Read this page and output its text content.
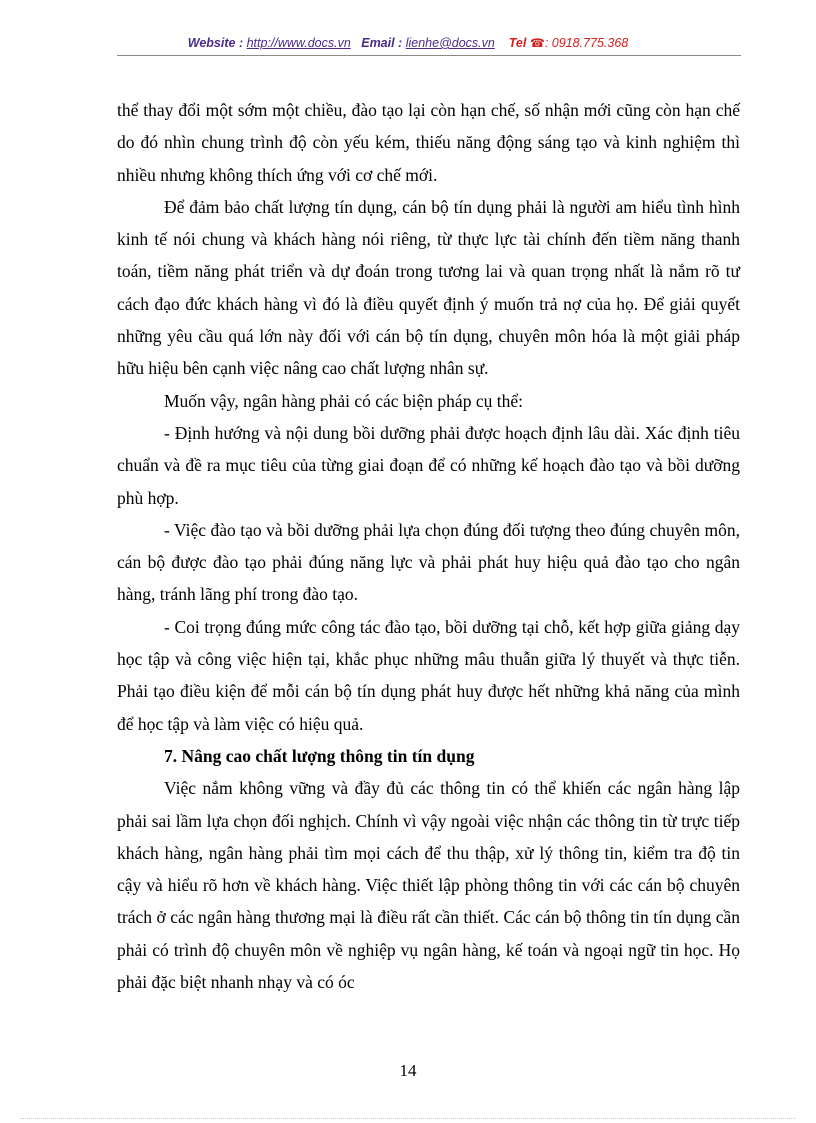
Website : http://www.docs.vn Email : lienhe@docs.vn Tel ☎: 0918.775.368

thể thay đổi một sớm một chiều, đào tạo lại còn hạn chế, số nhận mới cũng còn hạn chế do đó nhìn chung trình độ còn yếu kém, thiếu năng động sáng tạo và kinh nghiệm thì nhiều nhưng không thích ứng với cơ chế mới.

Để đảm bảo chất lượng tín dụng, cán bộ tín dụng phải là người am hiểu tình hình kinh tế nói chung và khách hàng nói riêng, từ thực lực tài chính đến tiềm năng thanh toán, tiềm năng phát triển và dự đoán trong tương lai và quan trọng nhất là nắm rõ tư cách đạo đức khách hàng vì đó là điều quyết định ý muốn trả nợ của họ. Để giải quyết những yêu cầu quá lớn này đối với cán bộ tín dụng, chuyên môn hóa là một giải pháp hữu hiệu bên cạnh việc nâng cao chất lượng nhân sự.

Muốn vậy, ngân hàng phải có các biện pháp cụ thể:

- Định hướng và nội dung bồi dưỡng phải được hoạch định lâu dài. Xác định tiêu chuẩn và đề ra mục tiêu của từng giai đoạn để có những kế hoạch đào tạo và bồi dưỡng phù hợp.

- Việc đào tạo và bồi dưỡng phải lựa chọn đúng đối tượng theo đúng chuyên môn, cán bộ được đào tạo phải đúng năng lực và phải phát huy hiệu quả đào tạo cho ngân hàng, tránh lãng phí trong đào tạo.

- Coi trọng đúng mức công tác đào tạo, bồi dưỡng tại chỗ, kết hợp giữa giảng dạy học tập và công việc hiện tại, khắc phục những mâu thuẫn giữa lý thuyết và thực tiễn. Phải tạo điều kiện để mỗi cán bộ tín dụng phát huy được hết những khả năng của mình để học tập và làm việc có hiệu quả.

7. Nâng cao chất lượng thông tin tín dụng

Việc nắm không vững và đầy đủ các thông tin có thể khiến các ngân hàng lập phải sai lầm lựa chọn đối nghịch. Chính vì vậy ngoài việc nhận các thông tin từ trực tiếp khách hàng, ngân hàng phải tìm mọi cách để thu thập, xử lý thông tin, kiểm tra độ tin cậy và hiểu rõ hơn về khách hàng. Việc thiết lập phòng thông tin với các cán bộ chuyên trách ở các ngân hàng thương mại là điều rất cần thiết. Các cán bộ thông tin tín dụng cần phải có trình độ chuyên môn về nghiệp vụ ngân hàng, kế toán và ngoại ngữ tin học. Họ phải đặc biệt nhanh nhạy và có óc

14
